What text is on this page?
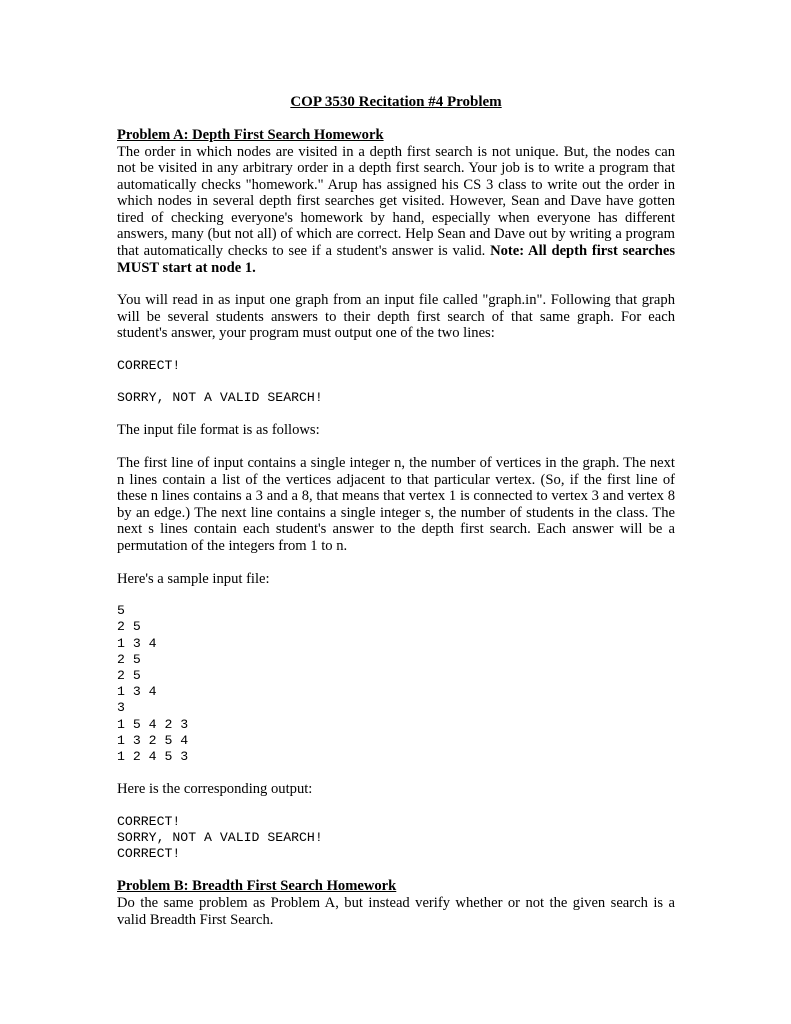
COP 3530 Recitation #4 Problem

Problem A: Depth First Search Homework

The order in which nodes are visited in a depth first search is not unique. But, the nodes can not be visited in any arbitrary order in a depth first search. Your job is to write a program that automatically checks "homework." Arup has assigned his CS 3 class to write out the order in which nodes in several depth first searches get visited. However, Sean and Dave have gotten tired of checking everyone's homework by hand, especially when everyone has different answers, many (but not all) of which are correct. Help Sean and Dave out by writing a program that automatically checks to see if a student's answer is valid. Note: All depth first searches MUST start at node 1.

You will read in as input one graph from an input file called "graph.in". Following that graph will be several students answers to their depth first search of that same graph. For each student's answer, your program must output one of the two lines:

CORRECT!

SORRY, NOT A VALID SEARCH!

The input file format is as follows:

The first line of input contains a single integer n, the number of vertices in the graph. The next n lines contain a list of the vertices adjacent to that particular vertex. (So, if the first line of these n lines contains a 3 and a 8, that means that vertex 1 is connected to vertex 3 and vertex 8 by an edge.) The next line contains a single integer s, the number of students in the class. The next s lines contain each student's answer to the depth first search. Each answer will be a permutation of the integers from 1 to n.

Here's a sample input file:

5

2 5

1 3 4

2 5

2 5

1 3 4

3

1 5 4 2 3

1 3 2 5 4

1 2 4 5 3

Here is the corresponding output:

CORRECT!

SORRY, NOT A VALID SEARCH!

CORRECT!

Problem B: Breadth First Search Homework

Do the same problem as Problem A, but instead verify whether or not the given search is a valid Breadth First Search.
